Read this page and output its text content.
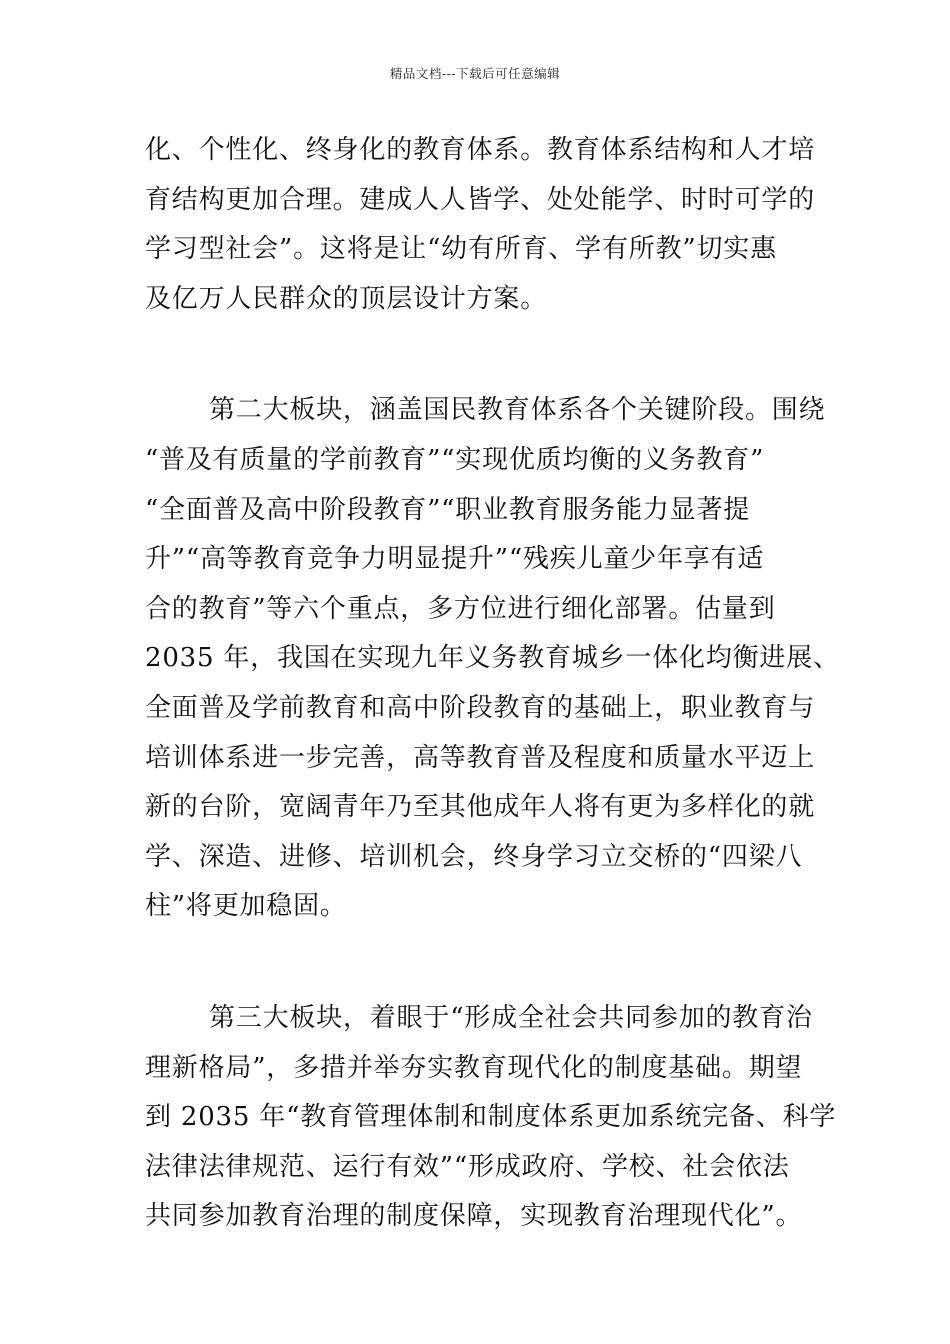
精品文档---下载后可任意编辑

化、个性化、终身化的教育体系。教育体系结构和人才培
育结构更加合理。建成人人皆学、处处能学、时时可学的
学习型社会”。这将是让“幼有所育、学有所教”切实惠
及亿万人民群众的顶层设计方案。

第二大板块，涵盖国民教育体系各个关键阶段。围绕
“普及有质量的学前教育”“实现优质均衡的义务教育”
“全面普及高中阶段教育”“职业教育服务能力显著提
升”“高等教育竞争力明显提升”“残疾儿童少年享有适
合的教育”等六个重点，多方位进行细化部署。估量到
2035 年，我国在实现九年义务教育城乡一体化均衡进展、
全面普及学前教育和高中阶段教育的基础上，职业教育与
培训体系进一步完善，高等教育普及程度和质量水平迈上
新的台阶，宽阔青年乃至其他成年人将有更为多样化的就
学、深造、进修、培训机会，终身学习立交桥的“四梁八
柱”将更加稳固。

第三大板块，着眼于“形成全社会共同参加的教育治
理新格局”，多措并举夯实教育现代化的制度基础。期望
到 2035 年“教育管理体制和制度体系更加系统完备、科学
法律法律规范、运行有效”“形成政府、学校、社会依法
共同参加教育治理的制度保障，实现教育治理现代化”。
